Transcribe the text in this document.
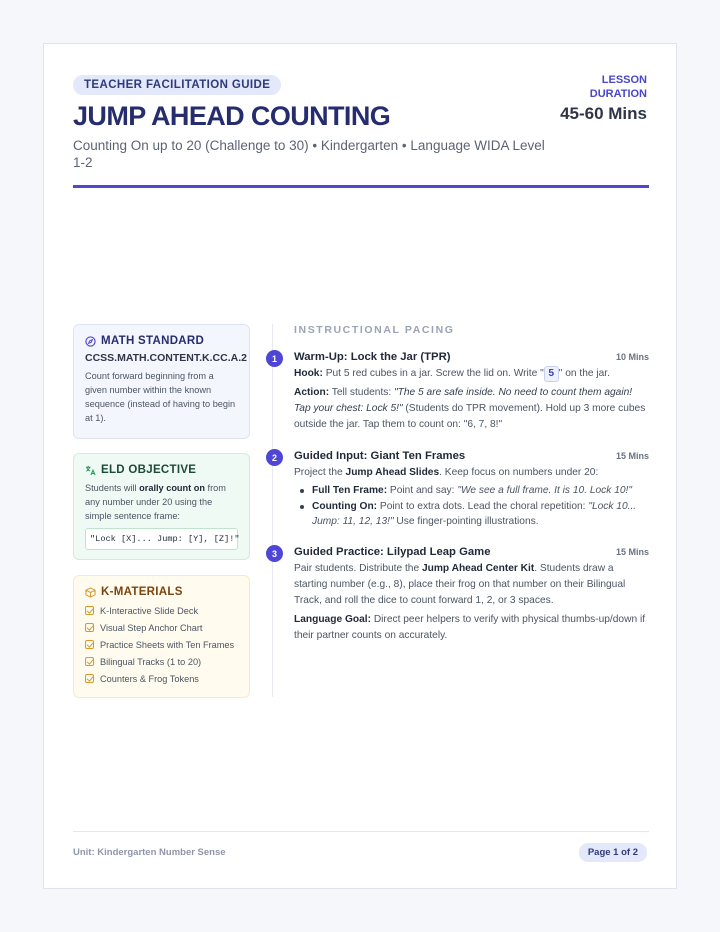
TEACHER FACILITATION GUIDE
JUMP AHEAD COUNTING
Counting On up to 20 (Challenge to 30) • Kindergarten • Language WIDA Level 1-2
LESSON
DURATION
45-60 Mins
MATH STANDARD
CCSS.MATH.CONTENT.K.CC.A.2
Count forward beginning from a given number within the known sequence (instead of having to begin at 1).
ELD OBJECTIVE
Students will orally count on from any number under 20 using the simple sentence frame:
"Lock [X]... Jump: [Y], [Z]!"
K-MATERIALS
K-Interactive Slide Deck
Visual Step Anchor Chart
Practice Sheets with Ten Frames
Bilingual Tracks (1 to 20)
Counters & Frog Tokens
INSTRUCTIONAL PACING
1	Warm-Up: Lock the Jar (TPR)	10 Mins
Hook: Put 5 red cubes in a jar. Screw the lid on. Write " 5 " on the jar.
Action: Tell students: "The 5 are safe inside. No need to count them again! Tap your chest: Lock 5!" (Students do TPR movement). Hold up 3 more cubes outside the jar. Tap them to count on: "6, 7, 8!"
2	Guided Input: Giant Ten Frames	15 Mins
Project the Jump Ahead Slides. Keep focus on numbers under 20:
Full Ten Frame: Point and say: "We see a full frame. It is 10. Lock 10!"
Counting On: Point to extra dots. Lead the choral repetition: "Lock 10... Jump: 11, 12, 13!" Use finger-pointing illustrations.
3	Guided Practice: Lilypad Leap Game	15 Mins
Pair students. Distribute the Jump Ahead Center Kit. Students draw a starting number (e.g., 8), place their frog on that number on their Bilingual Track, and roll the dice to count forward 1, 2, or 3 spaces.
Language Goal: Direct peer helpers to verify with physical thumbs-up/down if their partner counts on accurately.
Unit: Kindergarten Number Sense	Page 1 of 2
